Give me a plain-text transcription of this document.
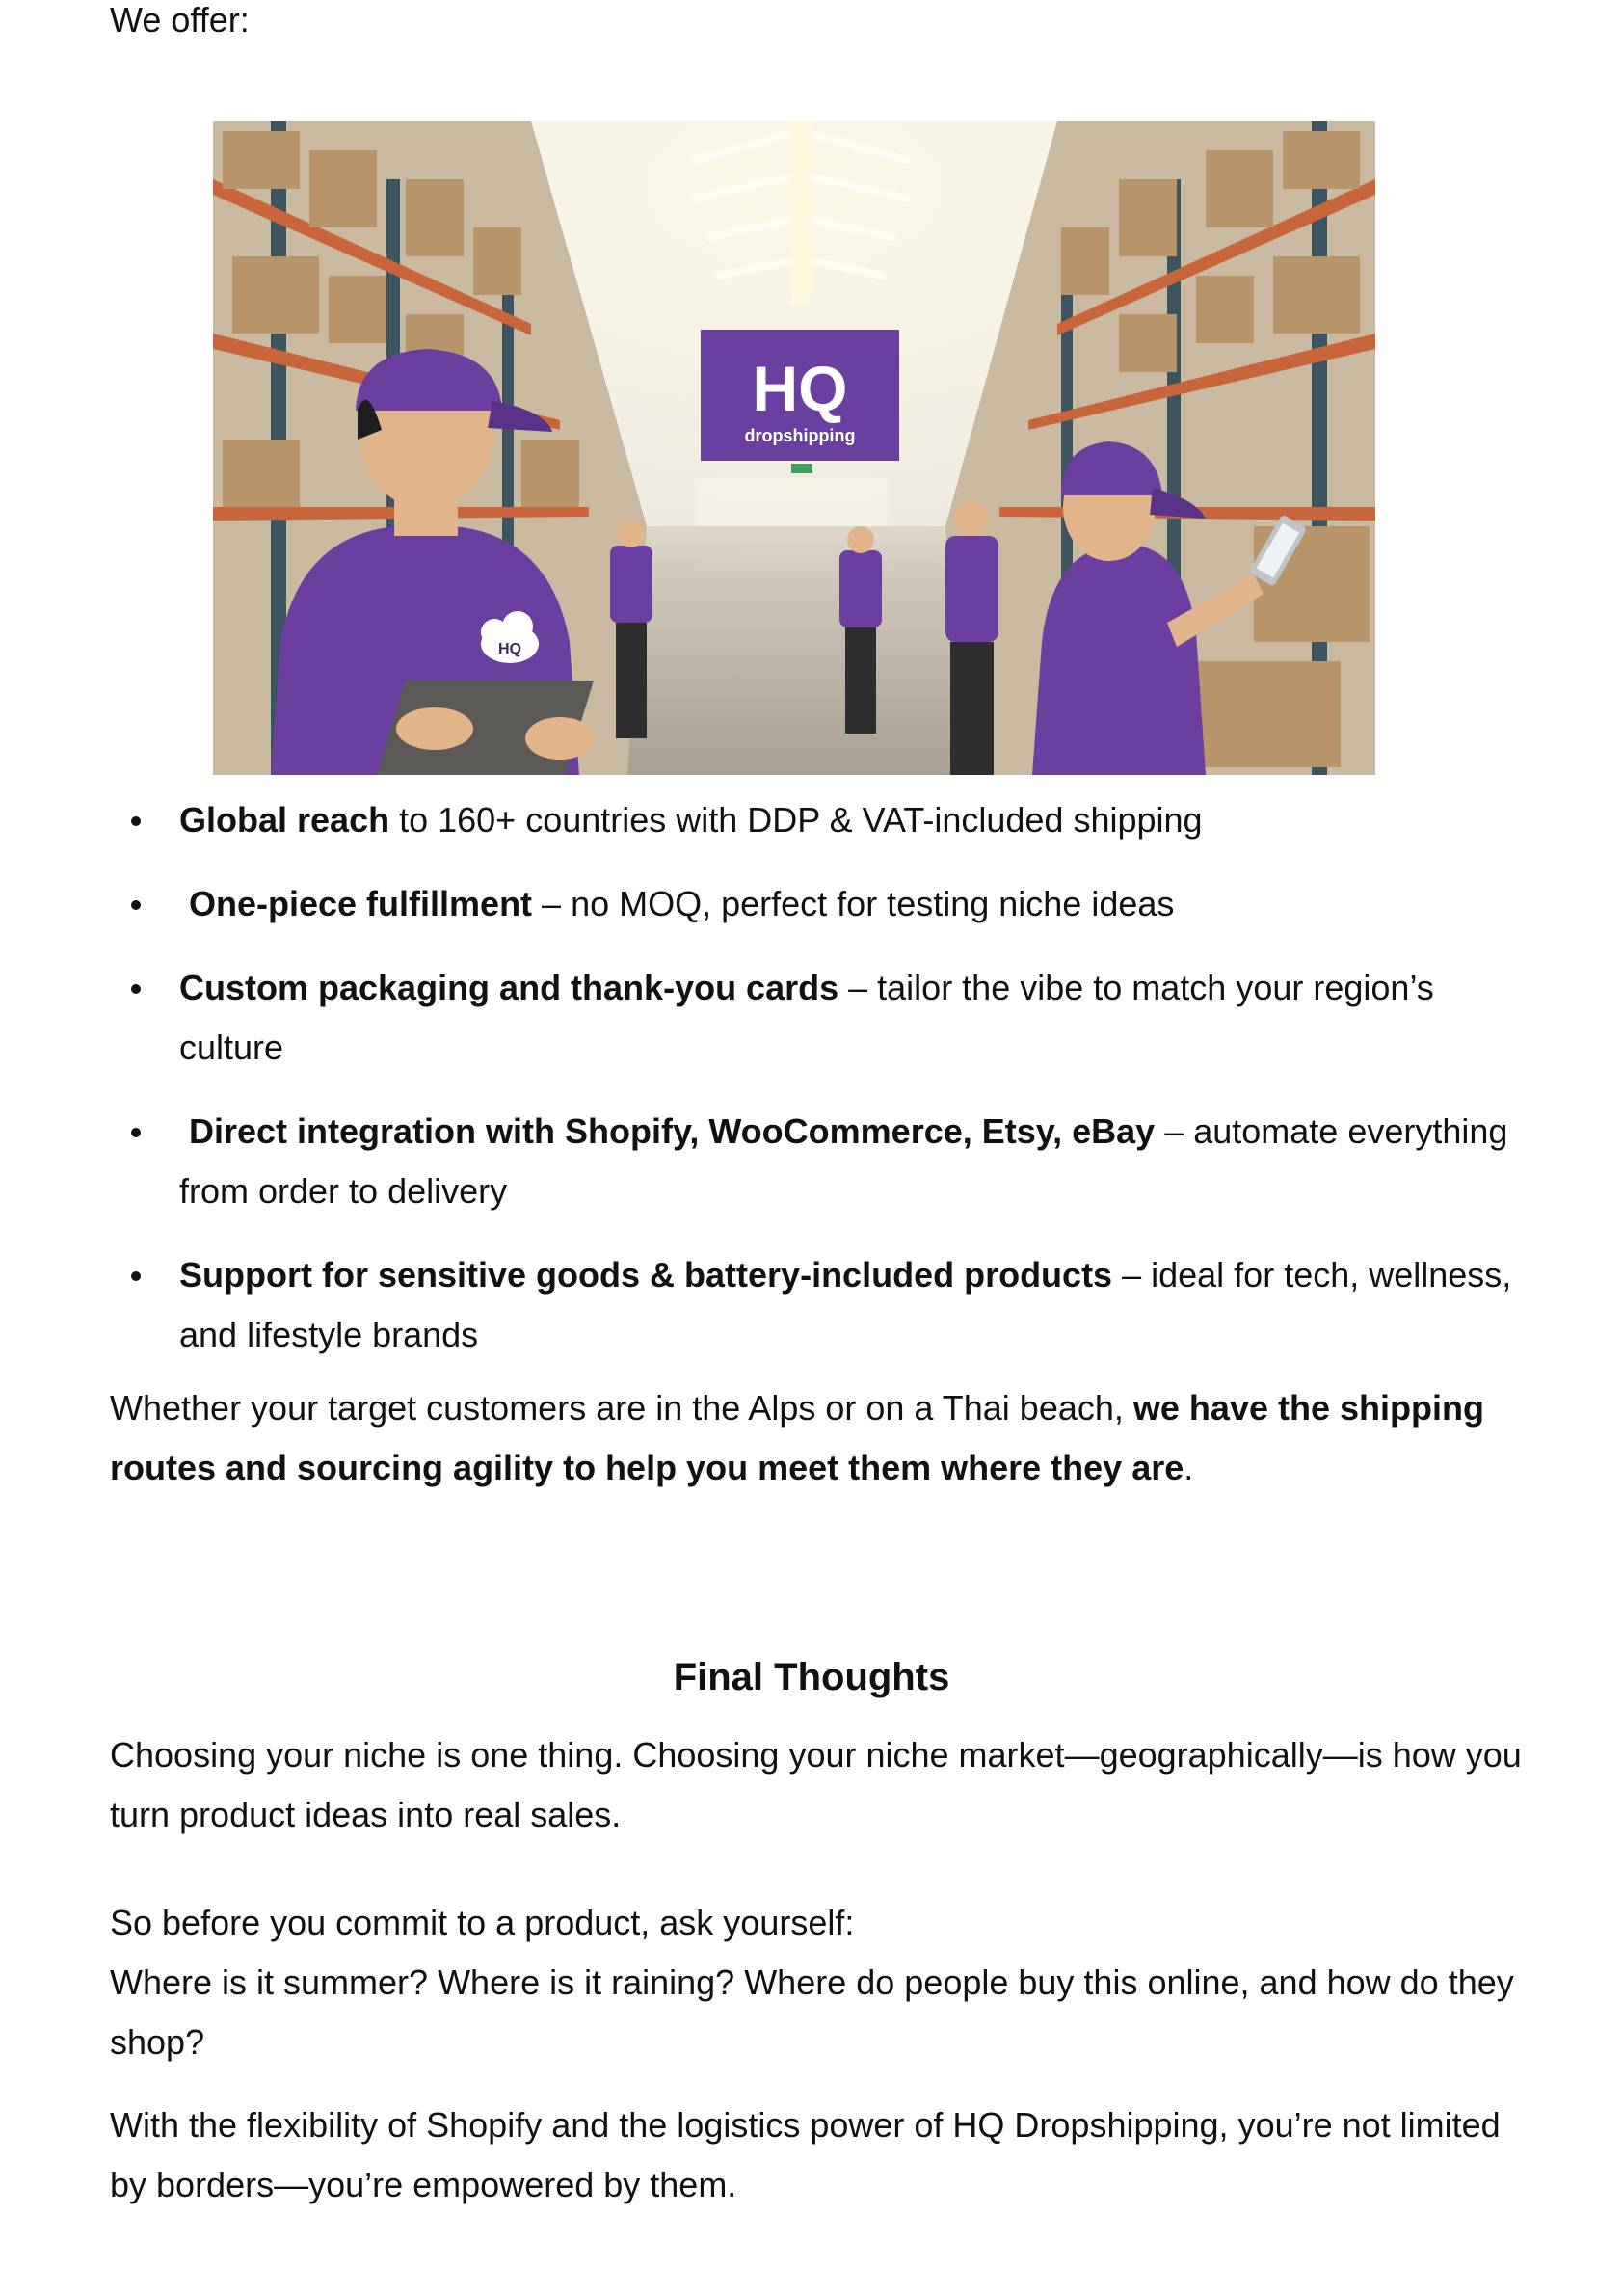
We offer:

HQ
dropshipping
HQ
Global reach to 160+ countries with DDP & VAT-included shipping
One-piece fulfillment – no MOQ, perfect for testing niche ideas
Custom packaging and thank-you cards – tailor the vibe to match your region’s culture
Direct integration with Shopify, WooCommerce, Etsy, eBay – automate everything from order to delivery
Support for sensitive goods & battery-included products – ideal for tech, wellness, and lifestyle brands

Whether your target customers are in the Alps or on a Thai beach, we have the shipping routes and sourcing agility to help you meet them where they are.

Final Thoughts

Choosing your niche is one thing. Choosing your niche market—geographically—is how you turn product ideas into real sales.

So before you commit to a product, ask yourself:
Where is it summer? Where is it raining? Where do people buy this online, and how do they shop?

With the flexibility of Shopify and the logistics power of HQ Dropshipping, you’re not limited by borders—you’re empowered by them.
